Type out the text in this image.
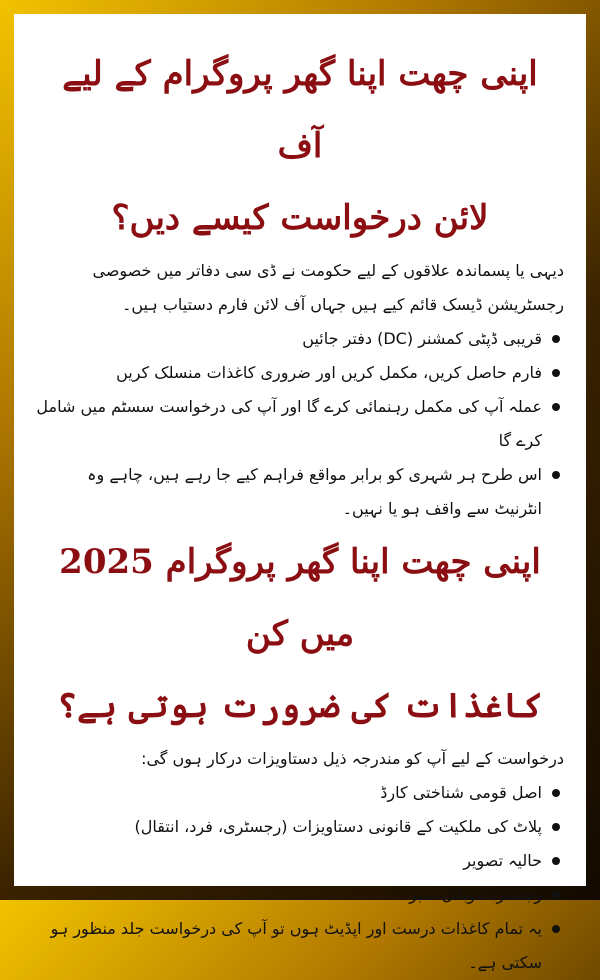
اپنی چھت اپنا گھر پروگرام کے لیے آف
لائن درخواست کیسے دیں؟

دیہی یا پسماندہ علاقوں کے لیے حکومت نے ڈی سی دفاتر میں خصوصی رجسٹریشن ڈیسک قائم کیے ہیں جہاں آف لائن فارم دستیاب ہیں۔

قریبی ڈپٹی کمشنر (DC) دفتر جائیں
فارم حاصل کریں، مکمل کریں اور ضروری کاغذات منسلک کریں
عملہ آپ کی مکمل رہنمائی کرے گا اور آپ کی درخواست سسٹم میں شامل کرے گا
اس طرح ہر شہری کو برابر مواقع فراہم کیے جا رہے ہیں، چاہے وہ انٹرنیٹ سے واقف ہو یا نہیں۔
اپنی چھت اپنا گھر پروگرام 2025 میں کن
کاغذات کی ضرورت ہوتی ہے؟

درخواست کے لیے آپ کو مندرجہ ذیل دستاویزات درکار ہوں گی:

اصل قومی شناختی کارڈ
پلاٹ کی ملکیت کے قانونی دستاویزات (رجسٹری، فرد، انتقال)
حالیہ تصویر
رجسٹرڈ موبائل نمبر
یہ تمام کاغذات درست اور اپڈیٹ ہوں تو آپ کی درخواست جلد منظور ہو سکتی ہے۔
